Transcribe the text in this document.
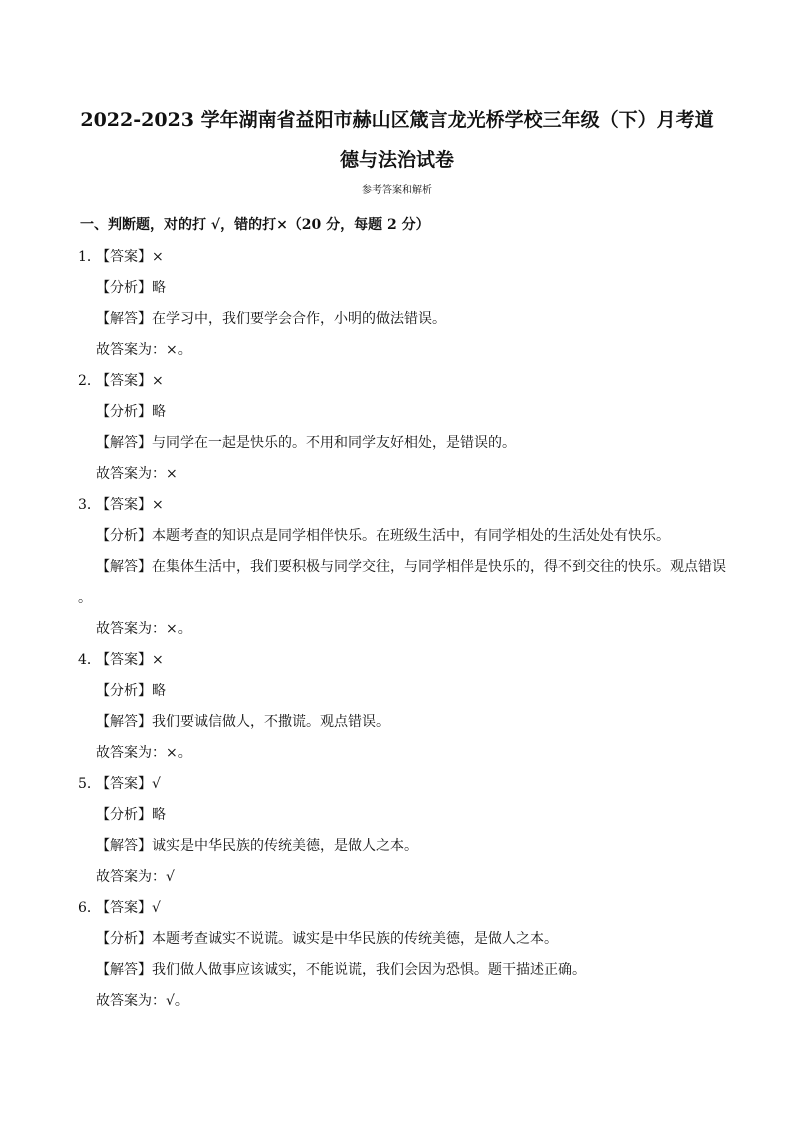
2022-2023 学年湖南省益阳市赫山区箴言龙光桥学校三年级（下）月考道
德与法治试卷
参考答案和解析
一、判断题，对的打 √，错的打×（20 分，每题 2 分）
1．【答案】×
【分析】略
【解答】在学习中，我们要学会合作，小明的做法错误。
故答案为：×。
2．【答案】×
【分析】略
【解答】与同学在一起是快乐的。不用和同学友好相处，是错误的。
故答案为：×
3．【答案】×
【分析】本题考查的知识点是同学相伴快乐。在班级生活中，有同学相处的生活处处有快乐。
【解答】在集体生活中，我们要积极与同学交往，与同学相伴是快乐的，得不到交往的快乐。观点错误
。
故答案为：×。
4．【答案】×
【分析】略
【解答】我们要诚信做人，不撒谎。观点错误。
故答案为：×。
5．【答案】√
【分析】略
【解答】诚实是中华民族的传统美德，是做人之本。
故答案为：√
6．【答案】√
【分析】本题考查诚实不说谎。诚实是中华民族的传统美德，是做人之本。
【解答】我们做人做事应该诚实，不能说谎，我们会因为恐惧。题干描述正确。
故答案为：√。
